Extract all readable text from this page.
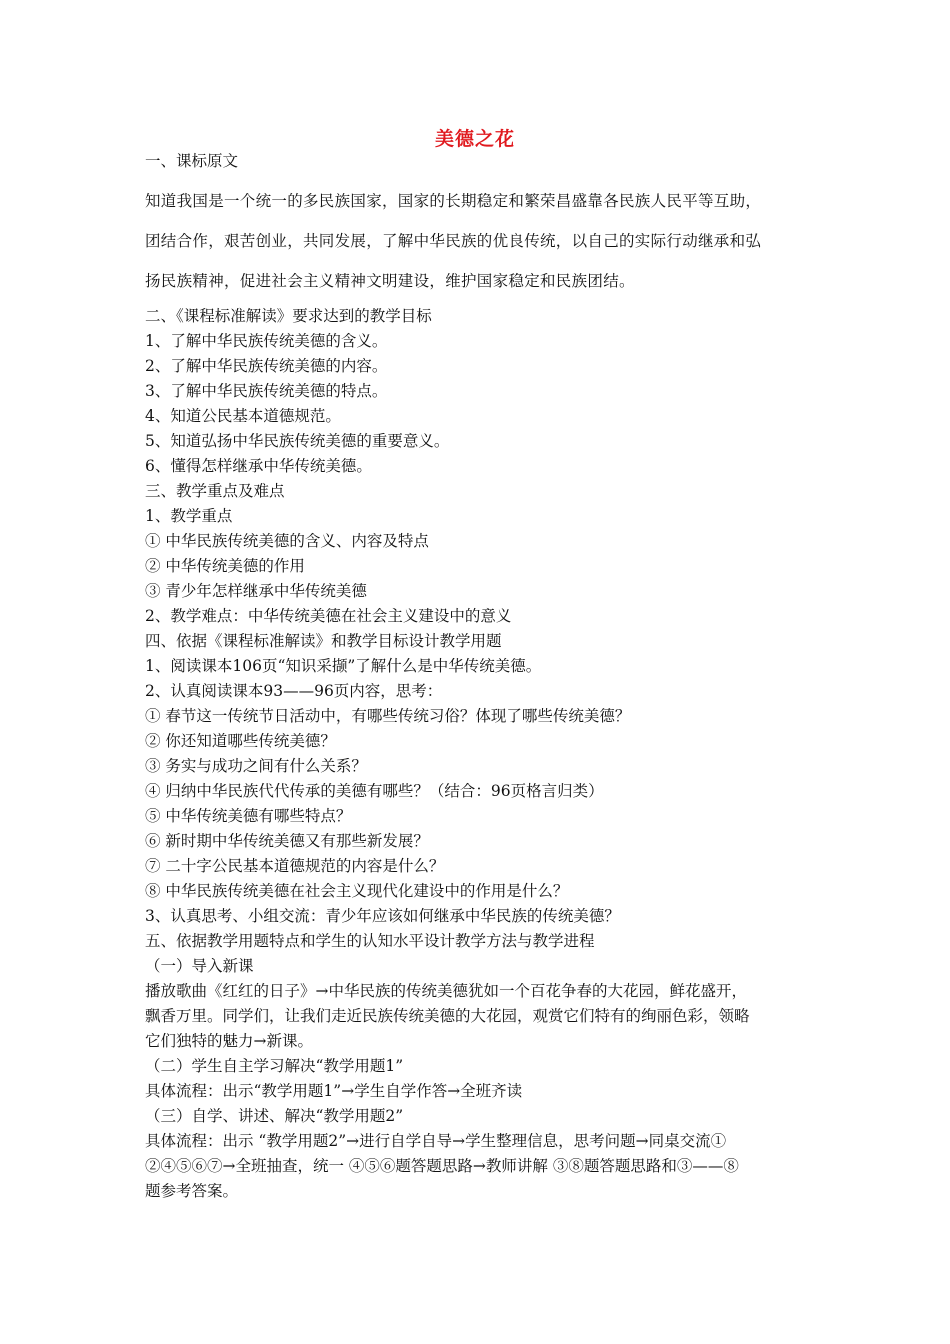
美德之花
一、课标原文
知道我国是一个统一的多民族国家，国家的长期稳定和繁荣昌盛靠各民族人民平等互助，
团结合作，艰苦创业，共同发展，了解中华民族的优良传统，以自己的实际行动继承和弘
扬民族精神，促进社会主义精神文明建设，维护国家稳定和民族团结。
二、《课程标准解读》要求达到的教学目标
1、了解中华民族传统美德的含义。
2、了解中华民族传统美德的内容。
3、了解中华民族传统美德的特点。
4、知道公民基本道德规范。
5、知道弘扬中华民族传统美德的重要意义。
6、懂得怎样继承中华传统美德。
三、教学重点及难点
1、教学重点
① 中华民族传统美德的含义、内容及特点
② 中华传统美德的作用
③ 青少年怎样继承中华传统美德
2、教学难点：中华传统美德在社会主义建设中的意义
四、依据《课程标准解读》和教学目标设计教学用题
1、阅读课本106页“知识采撷”了解什么是中华传统美德。
2、认真阅读课本93——96页内容，思考：
① 春节这一传统节日活动中，有哪些传统习俗？体现了哪些传统美德？
② 你还知道哪些传统美德？
③ 务实与成功之间有什么关系？
④ 归纳中华民族代代传承的美德有哪些？（结合：96页格言归类）
⑤ 中华传统美德有哪些特点？
⑥ 新时期中华传统美德又有那些新发展？
⑦ 二十字公民基本道德规范的内容是什么？
⑧ 中华民族传统美德在社会主义现代化建设中的作用是什么？
3、认真思考、小组交流：青少年应该如何继承中华民族的传统美德？
五、依据教学用题特点和学生的认知水平设计教学方法与教学进程
（一）导入新课
播放歌曲《红红的日子》→中华民族的传统美德犹如一个百花争春的大花园，鲜花盛开，
飘香万里。同学们，让我们走近民族传统美德的大花园，观赏它们特有的绚丽色彩，领略
它们独特的魅力→新课。
（二）学生自主学习解决“教学用题1”
具体流程：出示“教学用题1”→学生自学作答→全班齐读
（三）自学、讲述、解决“教学用题2”
具体流程：出示 “教学用题2”→进行自学自导→学生整理信息，思考问题→同桌交流①
②④⑤⑥⑦→全班抽查，统一 ④⑤⑥题答题思路→教师讲解 ③⑧题答题思路和③——⑧
题参考答案。
